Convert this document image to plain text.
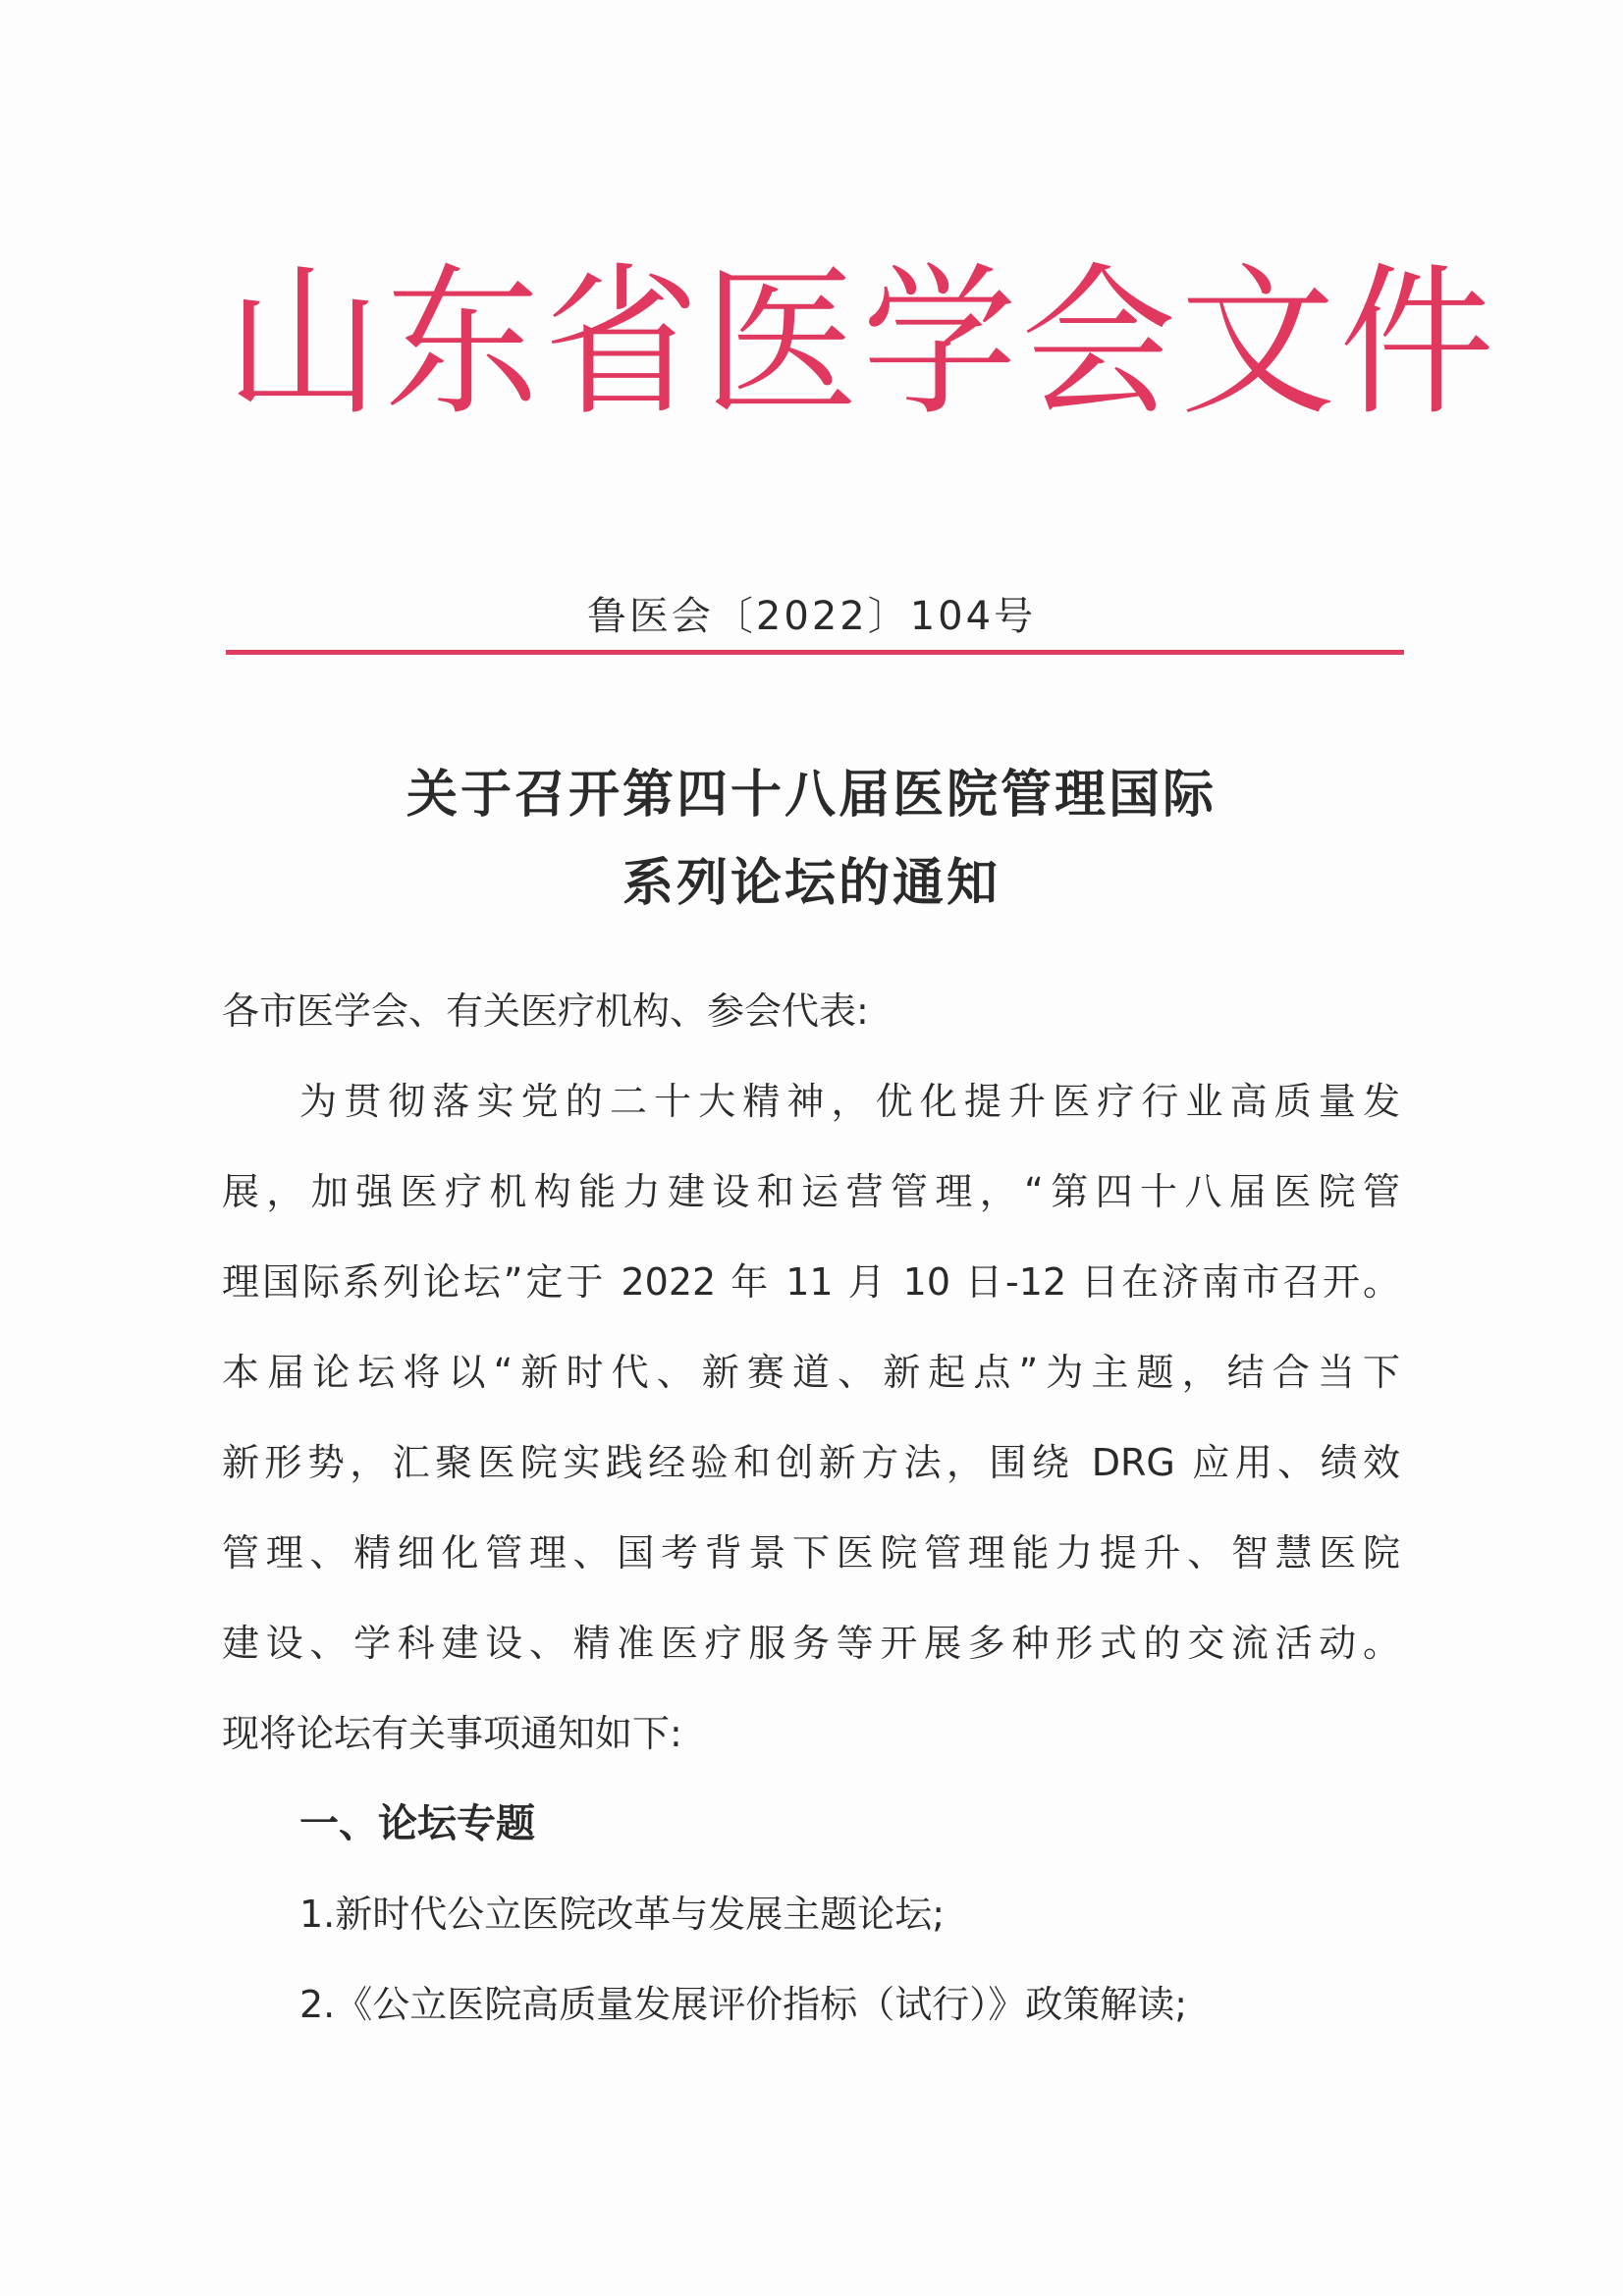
山东省医学会文件
鲁医会〔2022〕104号
关于召开第四十八届医院管理国际
系列论坛的通知
各市医学会、有关医疗机构、参会代表:
为贯彻落实党的二十大精神，优化提升医疗行业高质量发
展，加强医疗机构能力建设和运营管理，“第四十八届医院管
理国际系列论坛”定于 2022 年 11 月 10 日-12 日在济南市召开。
本届论坛将以“新时代、新赛道、新起点”为主题，结合当下
新形势，汇聚医院实践经验和创新方法，围绕 DRG 应用、绩效
管理、精细化管理、国考背景下医院管理能力提升、智慧医院
建设、学科建设、精准医疗服务等开展多种形式的交流活动。
现将论坛有关事项通知如下:
一、论坛专题
1.新时代公立医院改革与发展主题论坛;
2.《公立医院高质量发展评价指标（试行）》政策解读;
